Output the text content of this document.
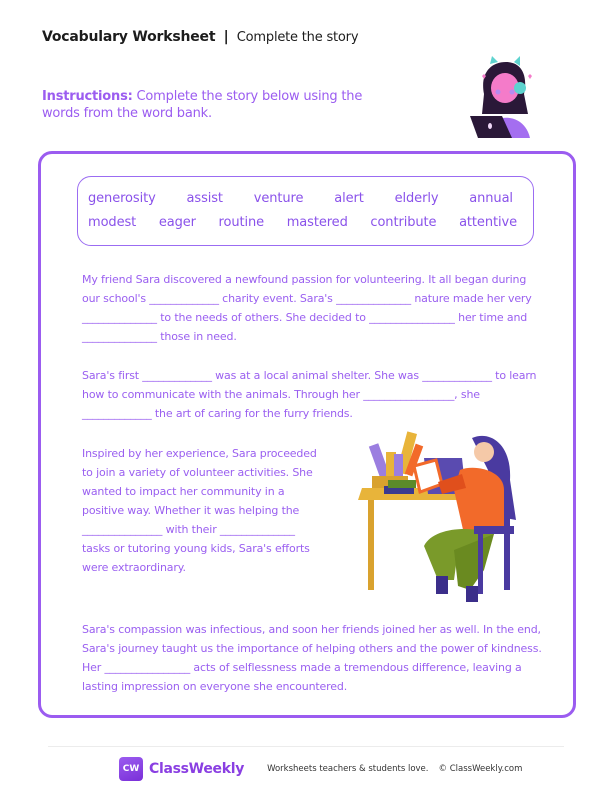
Vocabulary Worksheet | Complete the story
Instructions: Complete the story below using the words from the word bank.
generosity assist venture alert elderly annual
modest eager routine mastered contribute attentive

My friend Sara discovered a newfound passion for volunteering. It all began during our school's _____________ charity event. Sara's ______________ nature made her very ______________ to the needs of others. She decided to ________________ her time and ______________ those in need.

Sara's first _____________ was at a local animal shelter. She was _____________ to learn how to communicate with the animals. Through her _________________, she _____________ the art of caring for the furry friends.

Inspired by her experience, Sara proceeded to join a variety of volunteer activities. She wanted to impact her community in a positive way. Whether it was helping the _______________ with their ______________ tasks or tutoring young kids, Sara's efforts were extraordinary.

Sara's compassion was infectious, and soon her friends joined her as well. In the end, Sara's journey taught us the importance of helping others and the power of kindness. Her ________________ acts of selflessness made a tremendous difference, leaving a lasting impression on everyone she encountered.

CW ClassWeekly	Worksheets teachers & students love. © ClassWeekly.com
